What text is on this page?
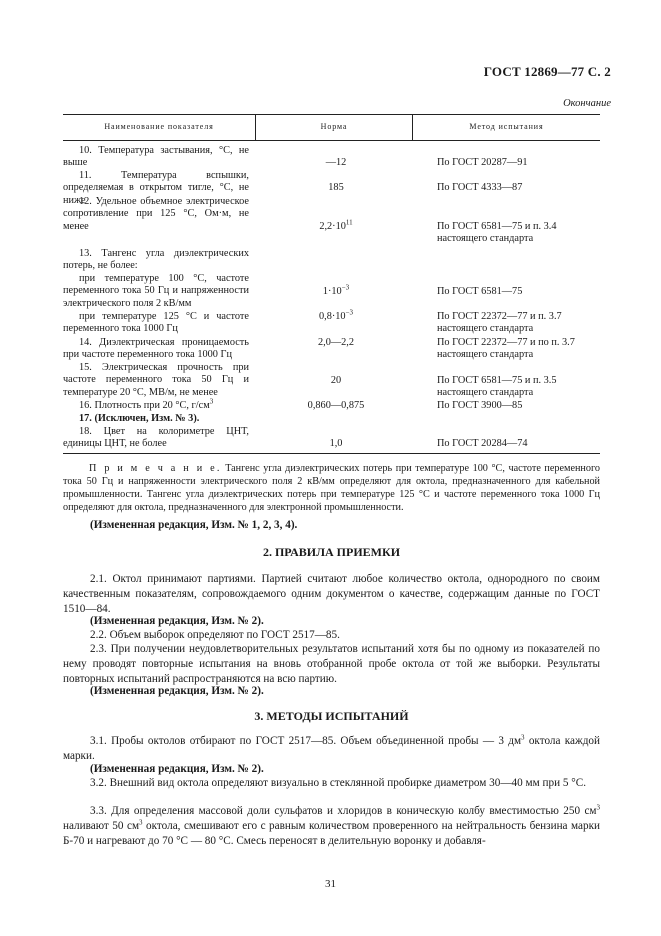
ГОСТ 12869—77 С. 2
Окончание
Наименование показателя	Норма	Метод испытания
10. Температура застывания, °C, не выше	—12	По ГОСТ 20287—91
11. Температура вспышки, определяемая в открытом тигле, °С, не ниже
185	По ГОСТ 4333—87
12. Удельное объемное электрическое сопротивление при 125 °С, Ом·м, не менее	$2,2\cdot 10^{11}$	По ГОСТ 6581—75 и п. 3.4 настоящего стандарта
13. Тангенс угла диэлектрических потерь, не более:
при температуре 100 °С, частоте переменного тока 50 Гц и напряженности электрического поля 2 кВ/мм
$1\cdot 10^{-3}$	По ГОСТ 6581—75
при температуре 125 °С и частоте переменного тока 1000 Гц
$0,8\cdot 10^{-3}$	По ГОСТ 22372—77 и п. 3.7 настоящего стандарта
14. Диэлектрическая проницаемость при частоте переменного тока 1000 Гц
2,0—2,2	По ГОСТ 22372—77 и по п. 3.7 настоящего стандарта
15. Электрическая прочность при частоте переменного тока 50 Гц и температуре 20 °С, МВ/м, не менее
20	По ГОСТ 6581—75 и п. 3.5 настоящего стандарта
16. Плотность при 20 °С, $г/см^3$	0,860—0,875	По ГОСТ 3900—85
17. (Исключен, Изм. № 3).
18. Цвет на колориметре ЦНТ, единицы ЦНТ, не более	1,0	По ГОСТ 20284—74
П р и м е ч а н и е. Тангенс угла диэлектрических потерь при температуре 100 °С, частоте переменного тока 50 Гц и напряженности электрического поля 2 кВ/мм определяют для октола, предназначенного для кабельной промышленности. Тангенс угла диэлектрических потерь при температуре 125 °С и частоте переменного тока 1000 Гц определяют для октола, предназначенного для электронной промышленности.
(Измененная редакция, Изм. № 1, 2, 3, 4).
2. ПРАВИЛА ПРИЕМКИ
2.1. Октол принимают партиями. Партией считают любое количество октола, однородного по своим качественным показателям, сопровождаемого одним документом о качестве, содержащим данные по ГОСТ 1510—84.
(Измененная редакция, Изм. № 2).
2.2. Объем выборок определяют по ГОСТ 2517—85.
2.3. При получении неудовлетворительных результатов испытаний хотя бы по одному из показателей по нему проводят повторные испытания на вновь отобранной пробе октола от той же выборки. Результаты повторных испытаний распространяются на всю партию.
(Измененная редакция, Изм. № 2).
3. МЕТОДЫ ИСПЫТАНИЙ
3.1. Пробы октолов отбирают по ГОСТ 2517—85. Объем объединенной пробы — 3 $дм^3$ октола каждой марки.
(Измененная редакция, Изм. № 2).
3.2. Внешний вид октола определяют визуально в стеклянной пробирке диаметром 30—40 мм при 5 °С.
3.3. Для определения массовой доли сульфатов и хлоридов в коническую колбу вместимостью 250 $см^3$ наливают 50 $см^3$ октола, смешивают его с равным количеством проверенного на нейтральность бензина марки Б-70 и нагревают до 70 °С — 80 °С. Смесь переносят в делительную воронку и добавля-
31
